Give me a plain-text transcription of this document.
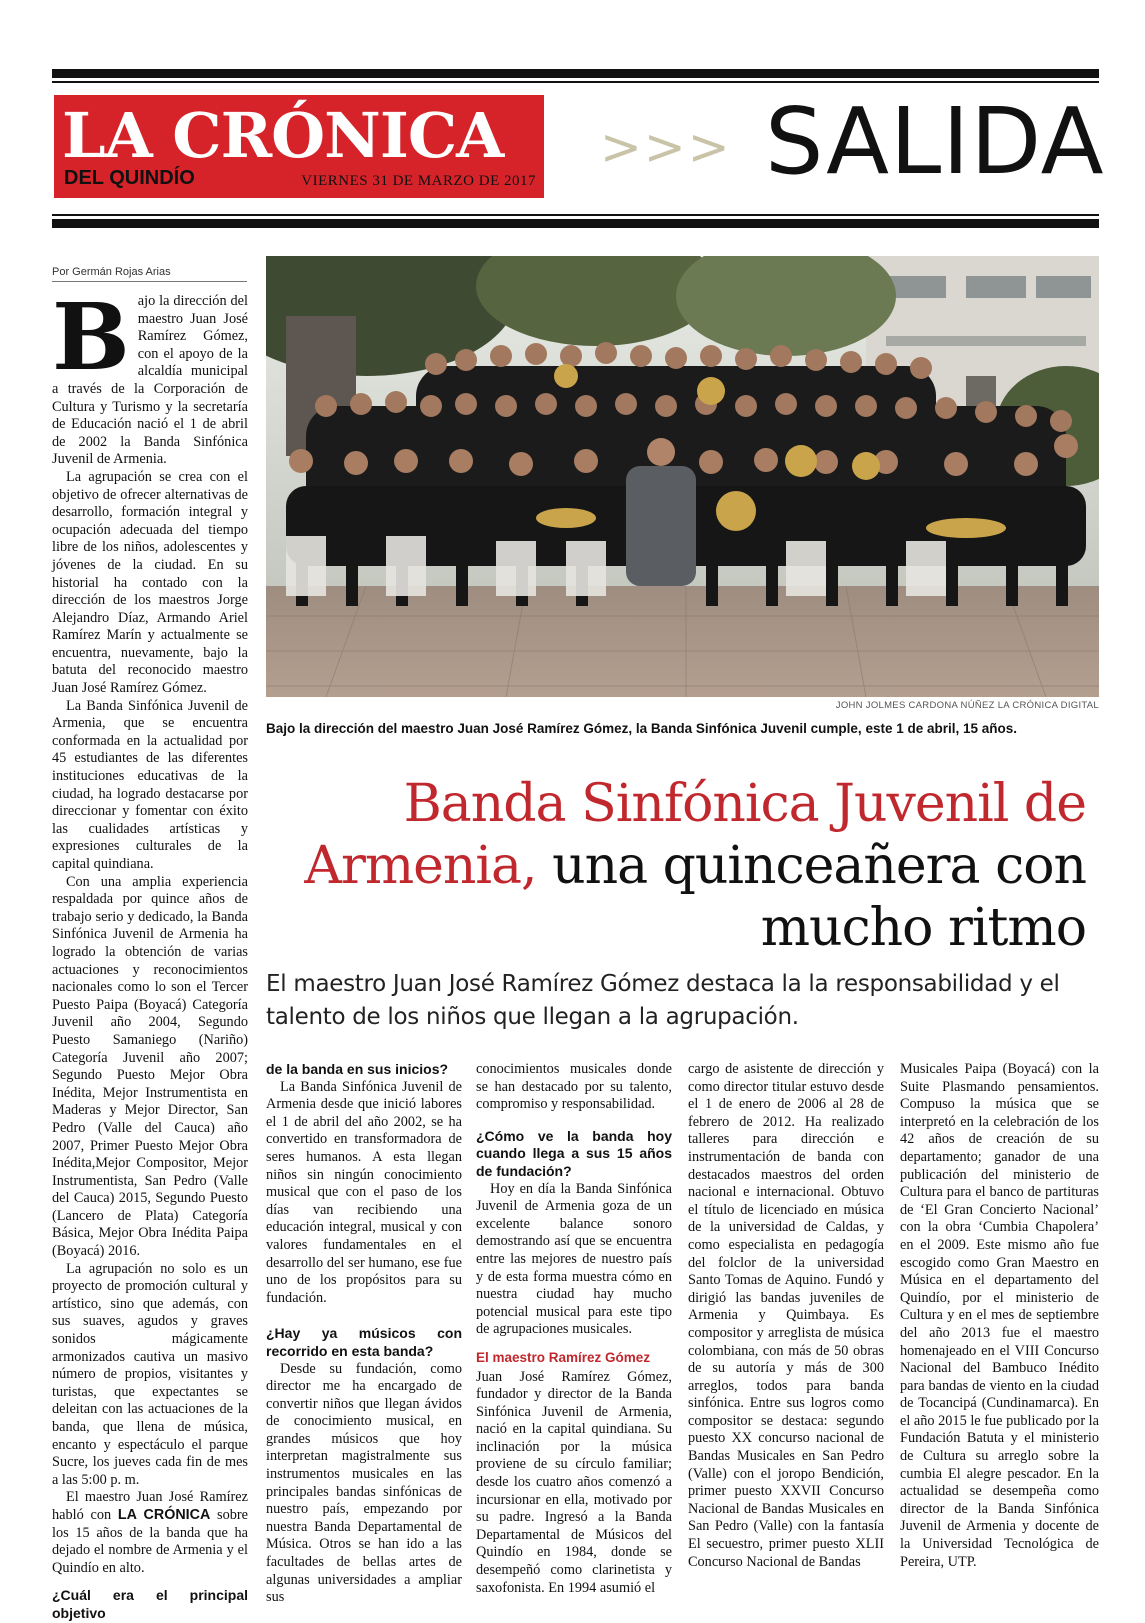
LA CRÓNICA
DEL QUINDÍO	VIERNES 31 DE MARZO DE 2017
>>> SALIDA
Por Germán Rojas Arias

Bajo la dirección del maestro Juan José Ramírez Gómez, con el apoyo de la alcaldía municipal a través de la Corporación de Cultura y Turismo y la secretaría de Educación nació el 1 de abril de 2002 la Banda Sinfónica Juvenil de Armenia.

La agrupación se crea con el objetivo de ofrecer alternativas de desarrollo, formación integral y ocupación adecuada del tiempo libre de los niños, adolescentes y jóvenes de la ciudad. En su historial ha contado con la dirección de los maestros Jorge Alejandro Díaz, Armando Ariel Ramírez Marín y actualmente se encuentra, nuevamente, bajo la batuta del reconocido maestro Juan José Ramírez Gómez.

La Banda Sinfónica Juvenil de Armenia, que se encuentra conformada en la actualidad por 45 estudiantes de las diferentes instituciones educativas de la ciudad, ha logrado destacarse por direccionar y fomentar con éxito las cualidades artísticas y expresiones culturales de la capital quindiana.

Con una amplia experiencia respaldada por quince años de trabajo serio y dedicado, la Banda Sinfónica Juvenil de Armenia ha logrado la obtención de varias actuaciones y reconocimientos nacionales como lo son el Tercer Puesto Paipa (Boyacá) Categoría Juvenil año 2004, Segundo Puesto Samaniego (Nariño) Categoría Juvenil año 2007; Segundo Puesto Mejor Obra Inédita, Mejor Instrumentista en Maderas y Mejor Director, San Pedro (Valle del Cauca) año 2007, Primer Puesto Mejor Obra Inédita,Mejor Compositor, Mejor Instrumentista, San Pedro (Valle del Cauca) 2015, Segundo Puesto (Lancero de Plata) Categoría Básica, Mejor Obra Inédita Paipa (Boyacá) 2016.

La agrupación no solo es un proyecto de promoción cultural y artístico, sino que además, con sus suaves, agudos y graves sonidos mágicamente armonizados cautiva un masivo número de propios, visitantes y turistas, que expectantes se deleitan con las actuaciones de la banda, que llena de música, encanto y espectáculo el parque Sucre, los jueves cada fin de mes a las 5:00 p. m.

El maestro Juan José Ramírez habló con LA CRÓNICA sobre los 15 años de la banda que ha dejado el nombre de Armenia y el Quindío en alto.

¿Cuál era el principal objetivo

JOHN JOLMES CARDONA NÚÑEZ LA CRÓNICA DIGITAL
Bajo la dirección del maestro Juan José Ramírez Gómez, la Banda Sinfónica Juvenil cumple, este 1 de abril, 15 años.
Banda Sinfónica Juvenil de Armenia, una quinceañera con mucho ritmo
El maestro Juan José Ramírez Gómez destaca la la responsabilidad y el talento de los niños que llegan a la agrupación.

de la banda en sus inicios?

La Banda Sinfónica Juvenil de Armenia desde que inició labores el 1 de abril del año 2002, se ha convertido en transformadora de seres humanos. A esta llegan niños sin ningún conocimiento musical que con el paso de los días van recibiendo una educación integral, musical y con valores fundamentales en el desarrollo del ser humano, ese fue uno de los propósitos para su fundación.

¿Hay ya músicos con recorrido en esta banda?

Desde su fundación, como director me ha encargado de convertir niños que llegan ávidos de conocimiento musical, en grandes músicos que hoy interpretan magistralmente sus instrumentos musicales en las principales bandas sinfónicas de nuestro país, empezando por nuestra Banda Departamental de Música. Otros se han ido a las facultades de bellas artes de algunas universidades a ampliar sus

conocimientos musicales donde se han destacado por su talento, compromiso y responsabilidad.

¿Cómo ve la banda hoy cuando llega a sus 15 años de fundación?

Hoy en día la Banda Sinfónica Juvenil de Armenia goza de un excelente balance sonoro demostrando así que se encuentra entre las mejores de nuestro país y de esta forma muestra cómo en nuestra ciudad hay mucho potencial musical para este tipo de agrupaciones musicales.

El maestro Ramírez Gómez

Juan José Ramírez Gómez, fundador y director de la Banda Sinfónica Juvenil de Armenia, nació en la capital quindiana. Su inclinación por la música proviene de su círculo familiar; desde los cuatro años comenzó a incursionar en ella, motivado por su padre. Ingresó a la Banda Departamental de Músicos del Quindío en 1984, donde se desempeñó como clarinetista y saxofonista. En 1994 asumió el

cargo de asistente de dirección y como director titular estuvo desde el 1 de enero de 2006 al 28 de febrero de 2012. Ha realizado talleres para dirección e instrumentación de banda con destacados maestros del orden nacional e internacional. Obtuvo el título de licenciado en música de la universidad de Caldas, y como especialista en pedagogía del folclor de la universidad Santo Tomas de Aquino. Fundó y dirigió las bandas juveniles de Armenia y Quimbaya. Es compositor y arreglista de música colombiana, con más de 50 obras de su autoría y más de 300 arreglos, todos para banda sinfónica. Entre sus logros como compositor se destaca: segundo puesto XX concurso nacional de Bandas Musicales en San Pedro (Valle) con el joropo Bendición, primer puesto XXVII Concurso Nacional de Bandas Musicales en San Pedro (Valle) con la fantasía El secuestro, primer puesto XLII Concurso Nacional de Bandas

Musicales Paipa (Boyacá) con la Suite Plasmando pensamientos. Compuso la música que se interpretó en la celebración de los 42 años de creación de su departamento; ganador de una publicación del ministerio de Cultura para el banco de partituras de ‘El Gran Concierto Nacional’ con la obra ‘Cumbia Chapolera’ en el 2009. Este mismo año fue escogido como Gran Maestro en Música en el departamento del Quindío, por el ministerio de Cultura y en el mes de septiembre del año 2013 fue el maestro homenajeado en el VIII Concurso Nacional del Bambuco Inédito para bandas de viento en la ciudad de Tocancipá (Cundinamarca). En el año 2015 le fue publicado por la Fundación Batuta y el ministerio de Cultura su arreglo sobre la cumbia El alegre pescador. En la actualidad se desempeña como director de la Banda Sinfónica Juvenil de Armenia y docente de la Universidad Tecnológica de Pereira, UTP.
